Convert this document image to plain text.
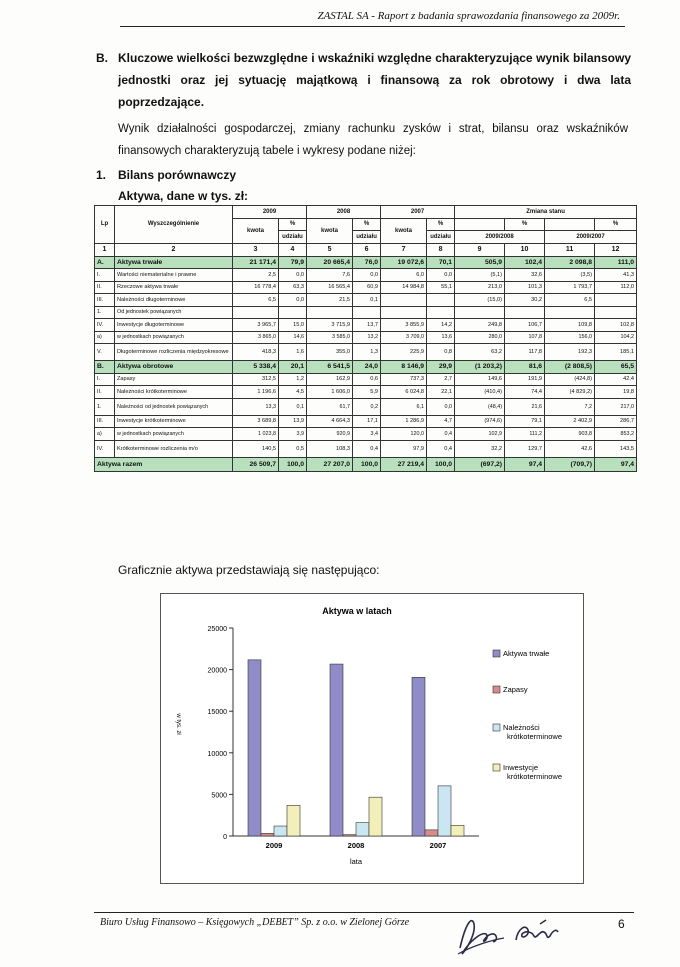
ZASTAL SA - Raport z badania sprawozdania finansowego za 2009r.
B. Kluczowe wielkości bezwzględne i wskaźniki względne charakteryzujące wynik bilansowy jednostki oraz jej sytuację majątkową i finansową za rok obrotowy i dwa lata poprzedzające.
Wynik działalności gospodarczej, zmiany rachunku zysków i strat, bilansu oraz wskaźników finansowych charakteryzują tabele i wykresy podane niżej:
1. Bilans porównawczy
Aktywa, dane w tys. zł:
Lp	Wyszczególnienie	2009		2008		2007		Zmiana stanu			
		kwota	%	kwota	%	kwota	%		%		%
			udziału		udziału		udziału	2009/2008		2009/2007	
1	2	3	4	5	6	7	8	9	10	11	12
A.	Aktywa trwałe	21 171,4	79,9	20 665,4	76,0	19 072,6	70,1	505,9	102,4	2 098,8	111,0
I.	Wartości niematerialne i prawne	2,5	0,0	7,6	0,0	6,0	0,0	(5,1)	32,6	(3,5)	41,3
II.	Rzeczowe aktywa trwałe	16 778,4	63,3	16 565,4	60,9	14 984,8	55,1	213,0	101,3	1 793,7	112,0
III.	Należności długoterminowe	6,5	0,0	21,5	0,1			(15,0)	30,2	6,5	
1.	Od jednostek powiązanych										
IV.	Inwestycje długoterminowe	3 965,7	15,0	3 715,9	13,7	3 855,9	14,2	249,8	106,7	109,8	102,8
a)	w jednostkach powiązanych	3 865,0	14,6	3 585,0	13,2	3 709,0	13,6	280,0	107,8	156,0	104,2
V.	Długoterminowe rozliczenia międzyokresowe	418,3	1,6	355,0	1,3	225,9	0,8	63,2	117,8	192,3	185,1
B.	Aktywa obrotowe	5 338,4	20,1	6 541,5	24,0	8 146,9	29,9	(1 203,2)	81,6	(2 808,5)	65,5
I.	Zapasy	312,5	1,2	162,9	0,6	737,3	2,7	149,6	191,9	(424,8)	42,4
II.	Należności krótkoterminowe	1 196,6	4,5	1 606,0	5,9	6 024,8	22,1	(410,4)	74,4	(4 829,2)	19,8
1.	Należności od jednostek powiązanych	13,3	0,1	61,7	0,2	6,1	0,0	(48,4)	21,6	7,2	217,0
III.	Inwestycje krótkoterminowe	3 689,8	13,9	4 664,3	17,1	1 286,9	4,7	(974,6)	79,1	2 402,9	286,7
a)	w jednostkach powiązanych	1 023,8	3,9	920,9	3,4	120,0	0,4	102,9	111,2	903,8	853,2
IV.	Krótkoterminowe rozliczenia m/o	140,5	0,5	108,3	0,4	97,9	0,4	32,2	129,7	42,6	143,5
Aktywa razem		26 509,7	100,0	27 207,0	100,0	27 219,4	100,0	(697,2)	97,4	(709,7)	97,4
Graficznie aktywa przedstawiają się następująco:
Aktywa w latach
0
5000
10000
15000
20000
25000
w tys. zł
2009	2008	2007
lata
Aktywa trwałe
Zapasy
Należności krótkoterminowe
Inwestycje krótkoterminowe
Biuro Usług Finansowo – Księgowych „DEBET” Sp. z o.o. w Zielonej Górze	6
